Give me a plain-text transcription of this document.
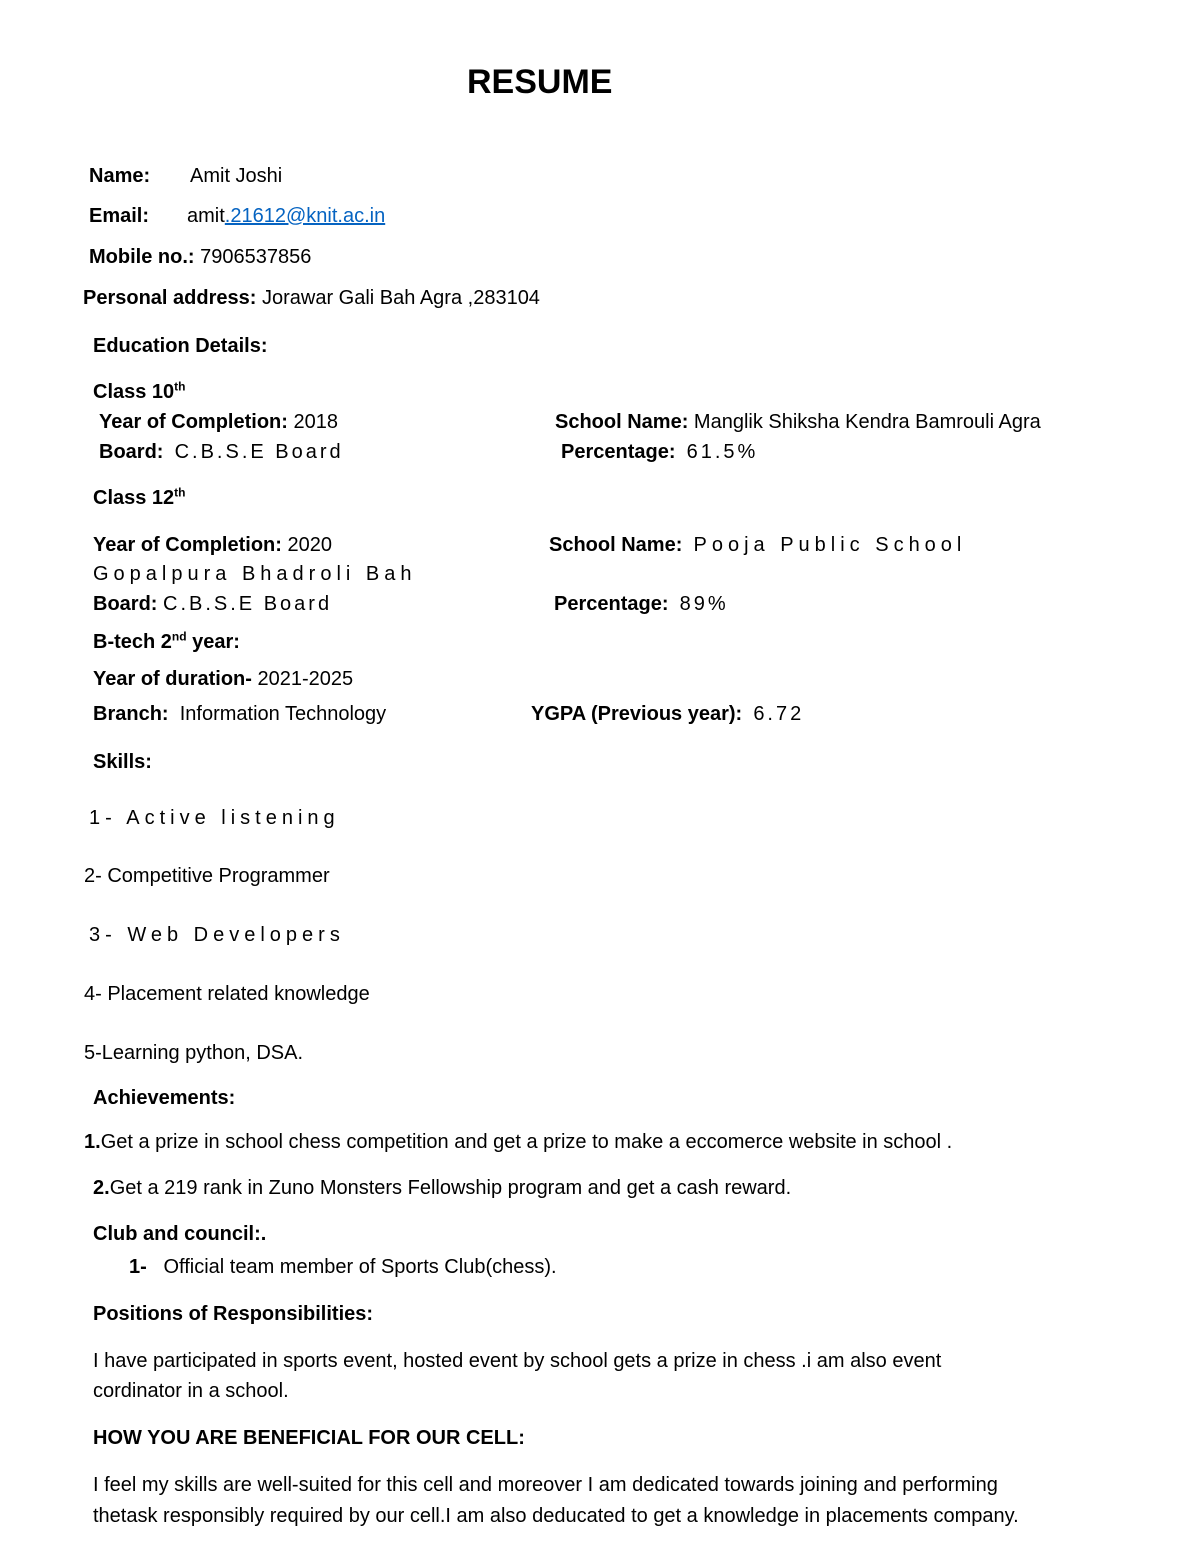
RESUME
Name: Amit Joshi
Email: amit.21612@knit.ac.in
Mobile no.: 7906537856
Personal address: Jorawar Gali Bah Agra ,283104
Education Details:
Class 10th
Year of Completion: 2018	School Name: Manglik Shiksha Kendra Bamrouli Agra
Board: C.B.S.E Board	Percentage: 61.5%
Class 12th
Year of Completion: 2020	School Name: Pooja Public School
Gopalpura Bhadroli Bah
Board: C.B.S.E Board	Percentage: 89%
B-tech 2nd year:
Year of duration- 2021-2025
Branch: Information Technology	YGPA (Previous year): 6.72
Skills:
1- Active listening
2- Competitive Programmer
3- Web Developers
4- Placement related knowledge
5-Learning python, DSA.
Achievements:
1.Get a prize in school chess competition and get a prize to make a eccomerce website in school .
2.Get a 219 rank in Zuno Monsters Fellowship program and get a cash reward.
Club and council:.
1- Official team member of Sports Club(chess).
Positions of Responsibilities:
I have participated in sports event, hosted event by school gets a prize in chess .i am also event
cordinator in a school.
HOW YOU ARE BENEFICIAL FOR OUR CELL:
I feel my skills are well-suited for this cell and moreover I am dedicated towards joining and performing
thetask responsibly required by our cell.I am also deducated to get a knowledge in placements company.
